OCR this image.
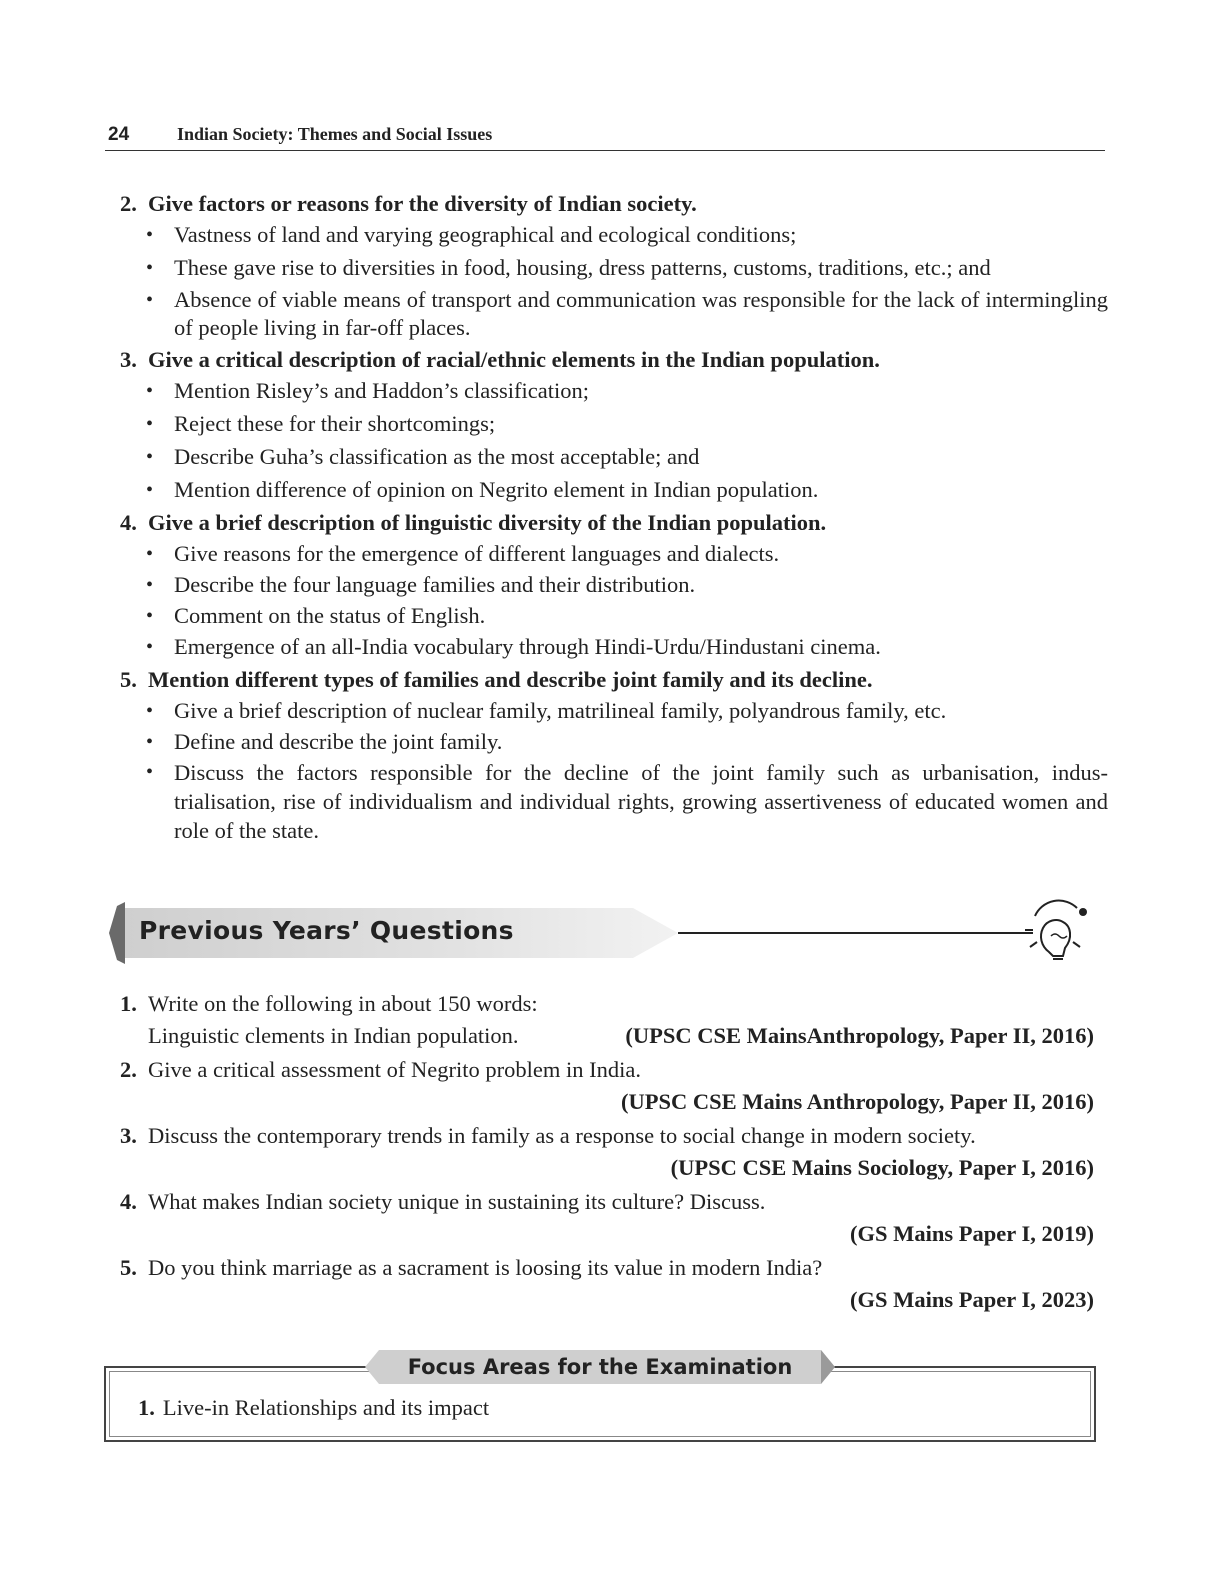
24	Indian Society: Themes and Social Issues
2. Give factors or reasons for the diversity of Indian society.
• Vastness of land and varying geographical and ecological conditions;
• These gave rise to diversities in food, housing, dress patterns, customs, traditions, etc.; and
• Absence of viable means of transport and communication was responsible for the lack of intermingling of people living in far-off places.
3. Give a critical description of racial/ethnic elements in the Indian population.
• Mention Risley’s and Haddon’s classification;
• Reject these for their shortcomings;
• Describe Guha’s classification as the most acceptable; and
• Mention difference of opinion on Negrito element in Indian population.
4. Give a brief description of linguistic diversity of the Indian population.
• Give reasons for the emergence of different languages and dialects.
• Describe the four language families and their distribution.
• Comment on the status of English.
• Emergence of an all-India vocabulary through Hindi-Urdu/Hindustani cinema.
5. Mention different types of families and describe joint family and its decline.
• Give a brief description of nuclear family, matrilineal family, polyandrous family, etc.
• Define and describe the joint family.
• Discuss the factors responsible for the decline of the joint family such as urbanisation, indus-trialisation, rise of individualism and individual rights, growing assertiveness of educated women and role of the state.
Previous Years’ Questions
1. Write on the following in about 150 words:
Linguistic clements in Indian population.	(UPSC CSE MainsAnthropology, Paper II, 2016)
2. Give a critical assessment of Negrito problem in India.
(UPSC CSE Mains Anthropology, Paper II, 2016)
3. Discuss the contemporary trends in family as a response to social change in modern society.
(UPSC CSE Mains Sociology, Paper I, 2016)
4. What makes Indian society unique in sustaining its culture? Discuss.
(GS Mains Paper I, 2019)
5. Do you think marriage as a sacrament is loosing its value in modern India?
(GS Mains Paper I, 2023)
Focus Areas for the Examination
1. Live-in Relationships and its impact
